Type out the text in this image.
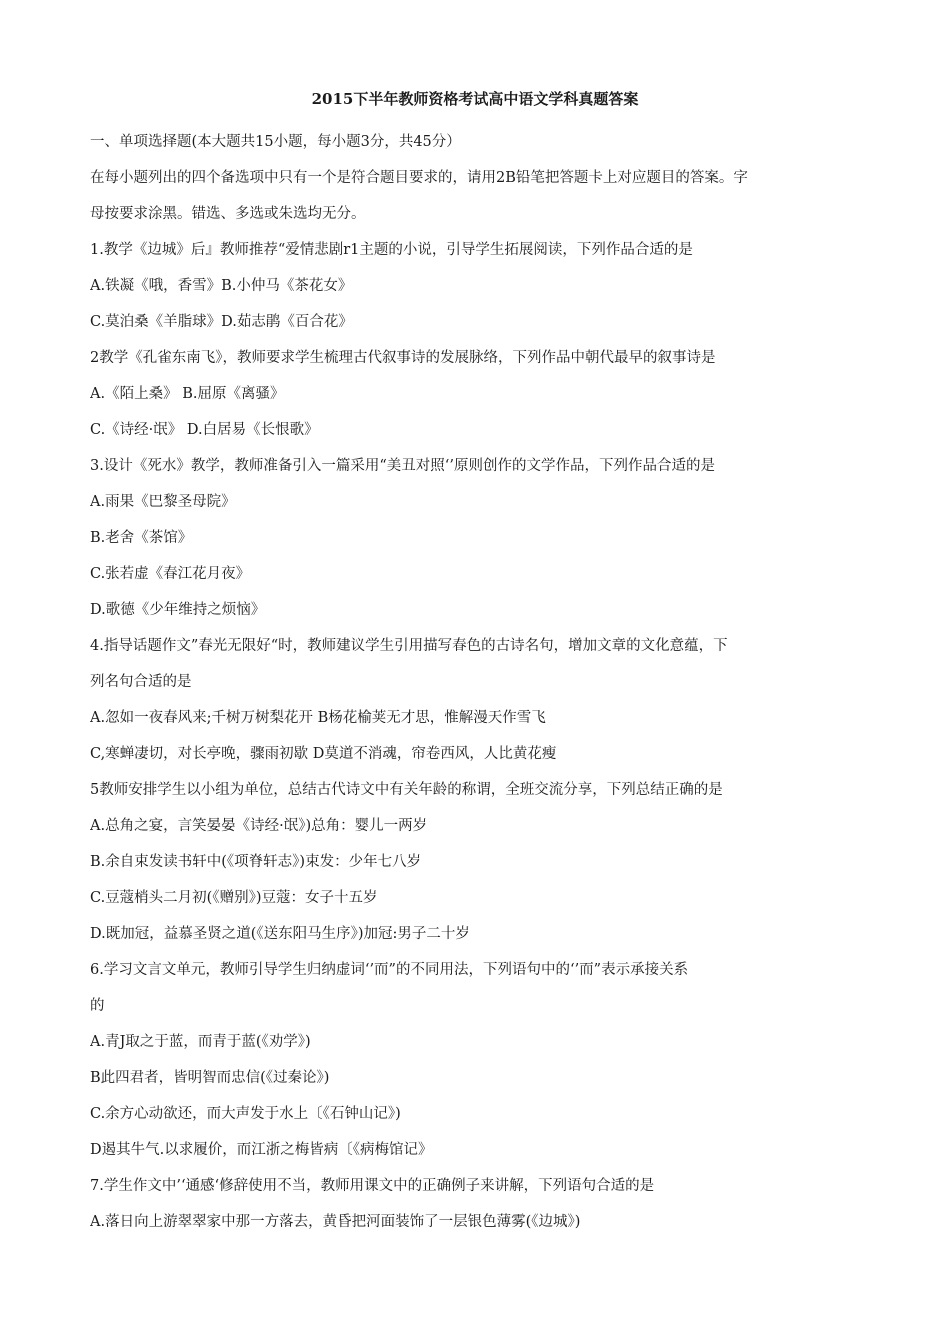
2015下半年教师资格考试高中语文学科真题答案
一、单项选择题(本大题共15小题，每小题3分，共45分）
在每小题列出的四个备选项中只有一个是符合题目要求的，请用2B铅笔把答题卡上对应题目的答案。字
母按要求涂黑。错选、多选或朱选均无分。
1.教学《边城》后』教师推荐“爱情悲剧r1主题的小说，引导学生拓展阅读，下列作品合适的是
A.铁凝《哦，香雪》B.小仲马《茶花女》
C.莫泊桑《羊脂球》D.茹志鹃《百合花》
2教学《孔雀东南飞》，教师要求学生梳理古代叙事诗的发展脉络，下列作品中朝代最早的叙事诗是
A.《陌上桑》 B.屈原《离骚》
C.《诗经·氓》 D.白居易《长恨歌》
3.设计《死水》教学，教师准备引入一篇采用“美丑对照‘’原则创作的文学作品，下列作品合适的是
A.雨果《巴黎圣母院》
B.老舍《茶馆》
C.张若虚《春江花月夜》
D.歌德《少年维持之烦恼》
4.指导话题作文”春光无限好“时，教师建议学生引用描写春色的古诗名句，增加文章的文化意蕴，下
列名句合适的是
A.忽如一夜春风来;千树万树梨花开 B杨花榆荚无才思，惟解漫天作雪飞
C,寒蝉凄切，对长亭晚，骤雨初歇 D莫道不消魂，帘卷西风，人比黄花瘦
5教师安排学生以小组为单位，总结古代诗文中有关年龄的称谓，全班交流分享，下列总结正确的是
A.总角之宴，言笑晏晏《诗经·氓》)总角：婴儿一两岁
B.余自束发读书轩中(《项脊轩志》)束发：少年七八岁
C.豆蔻梢头二月初(《赠别》)豆蔻：女子十五岁
D.既加冠，益慕圣贤之道(《送东阳马生序》)加冠:男子二十岁
6.学习文言文单元，教师引导学生归纳虚词‘’而”的不同用法，下列语句中的‘’而”表示承接关系
的
A.青J取之于蓝，而青于蓝(《劝学》)
B此四君者，皆明智而忠信(《过秦论》)
C.余方心动欲还，而大声发于水上〔《石钟山记》)
D遏其牛气.以求履价，而江浙之梅皆病〔《病梅馆记》
7.学生作文中’‘通感‘修辞使用不当，教师用课文中的正确例子来讲解，下列语句合适的是
A.落日向上游翠翠家中那一方落去，黄昏把河面装饰了一层银色薄雾(《边城》)
